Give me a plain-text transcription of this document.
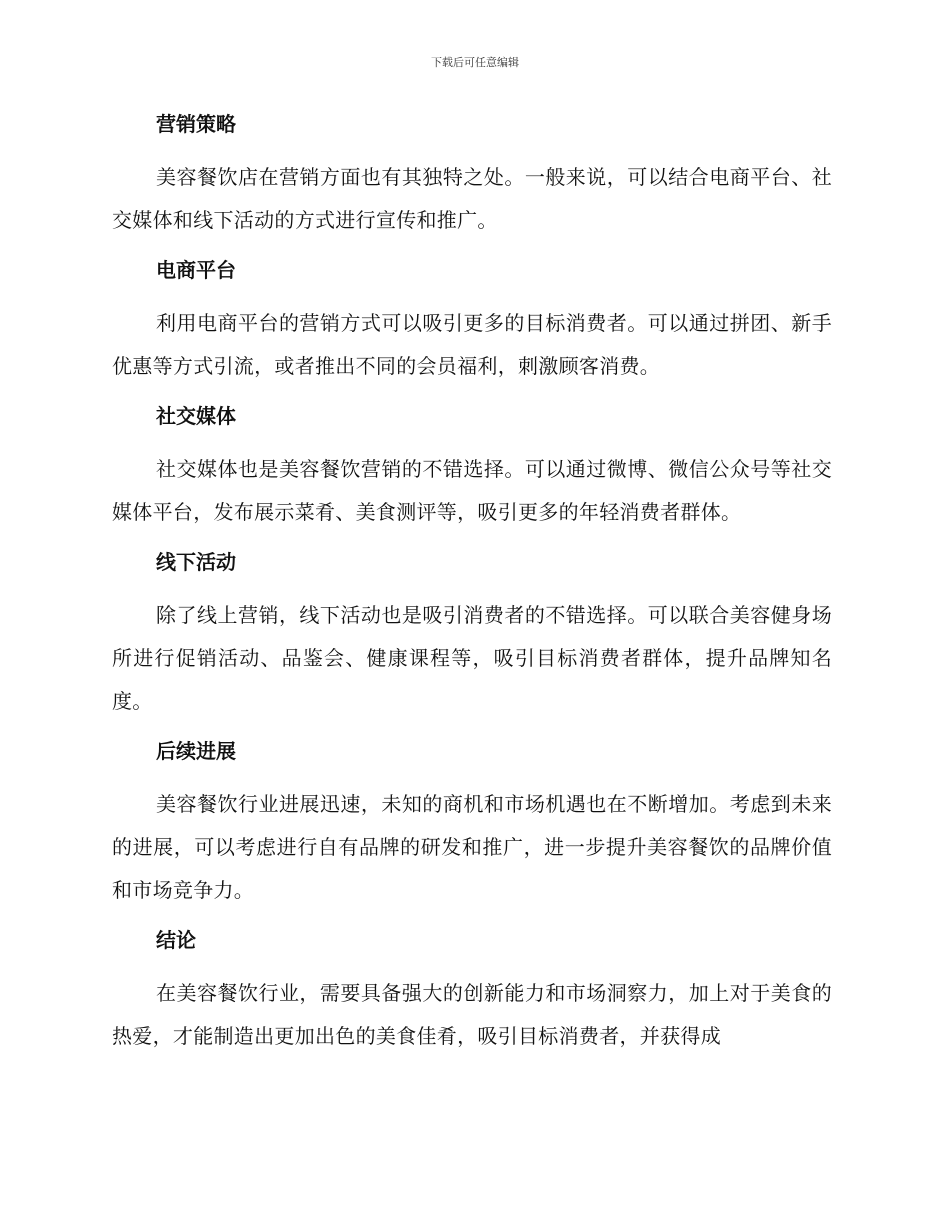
下载后可任意编辑
营销策略

美容餐饮店在营销方面也有其独特之处。一般来说，可以结合电商平台、社交媒体和线下活动的方式进行宣传和推广。

电商平台

利用电商平台的营销方式可以吸引更多的目标消费者。可以通过拼团、新手优惠等方式引流，或者推出不同的会员福利，刺激顾客消费。

社交媒体

社交媒体也是美容餐饮营销的不错选择。可以通过微博、微信公众号等社交媒体平台，发布展示菜肴、美食测评等，吸引更多的年轻消费者群体。

线下活动

除了线上营销，线下活动也是吸引消费者的不错选择。可以联合美容健身场所进行促销活动、品鉴会、健康课程等，吸引目标消费者群体，提升品牌知名度。

后续进展

美容餐饮行业进展迅速，未知的商机和市场机遇也在不断增加。考虑到未来的进展，可以考虑进行自有品牌的研发和推广，进一步提升美容餐饮的品牌价值和市场竞争力。

结论

在美容餐饮行业，需要具备强大的创新能力和市场洞察力，加上对于美食的热爱，才能制造出更加出色的美食佳肴，吸引目标消费者，并获得成
